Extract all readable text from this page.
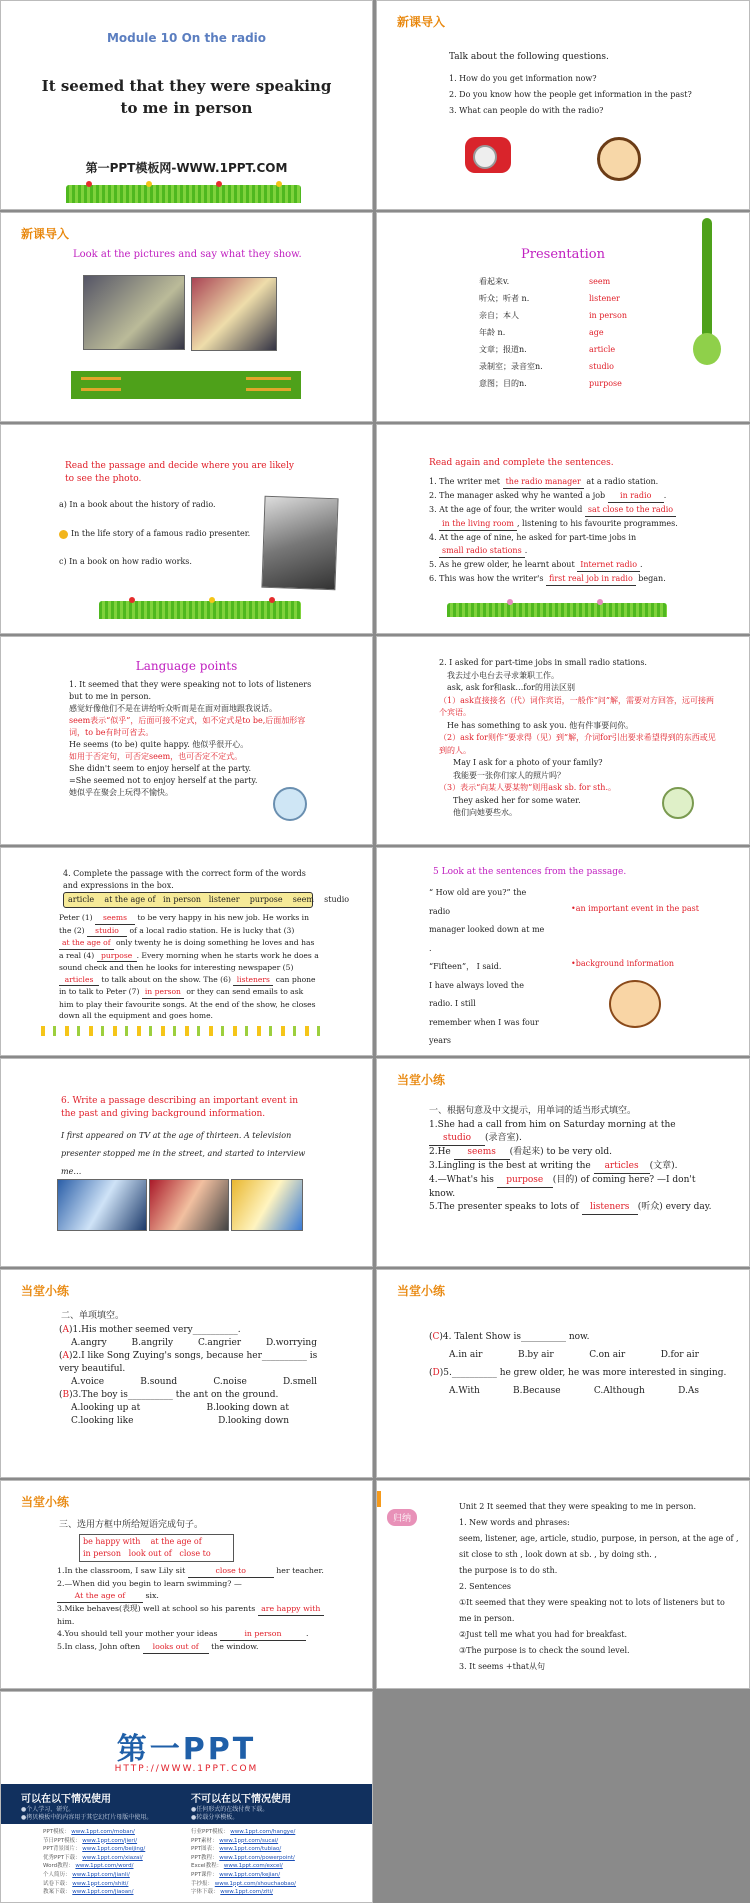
Module 10 On the radio
It seemed that they were speaking to me in person
第一PPT模板网-WWW.1PPT.COM
新课导入
Talk about the following questions.
1. How do you get information now?
2. Do you know how the people get information in the past?
3. What can people do with the radio?
新课导入
Look at the pictures and say what they show.	Presentation
看起来v.	seem
听众；听者 n.	listener
亲自；本人	in person
年龄 n.	age
文章；报道n.	article
录制室；录音室n.	studio
意图；目的n.	purpose
Read the passage and decide where you are likely to see the photo.
a) In a book about the history of radio.
In the life story of a famous radio presenter.
c) In a book on how radio works.
Read again and complete the sentences.
1. The writer met the radio manager at a radio station.
2. The manager asked why he wanted a job in radio .
3. At the age of four, the writer would sat close to the radio
in the living room , listening to his favourite programmes.
4. At the age of nine, he asked for part-time jobs in
small radio stations .
5. As he grew older, he learnt about Internet radio .
6. This was how the writer's first real job in radio began.
Language points
1. It seemed that they were speaking not to lots of listeners but to me in person.
感觉好像他们不是在讲给听众听而是在面对面地跟我说话。
seem表示“似乎”，后面可接不定式，如不定式是to be,后面加形容词，to be有时可省去。
He seems (to be) quite happy. 他似乎很开心。
如用于否定句，可否定seem，也可否定不定式。
She didn't seem to enjoy herself at the party.
=She seemed not to enjoy herself at the party.
她似乎在聚会上玩得不愉快。
2. I asked for part-time jobs in small radio stations.
我去过小电台去寻求兼职工作。
ask, ask for和ask…for的用法区别
（1）ask直接接名（代）词作宾语，一般作“问”解，需要对方回答，远可接两个宾语。
He has something to ask you. 他有件事要问你。
（2）ask for则作“要求得（见）到”解，介词for引出要求希望得到的东西或见到的人。
May I ask for a photo of your family?
我能要一张你们家人的照片吗？
（3）表示“向某人要某物”则用ask sb. for sth.。
They asked her for some water.
他们向她要些水。
4. Complete the passage with the correct form of the words and expressions in the box.
article    at the age of   in person   listener    purpose    seem    studio
Peter (1) seems to be very happy in his new job. He works in the (2) studio of a local radio station. He is lucky that (3) at the age of only twenty he is doing something he loves and has a real (4) purpose . Every morning when he starts work he does a sound check and then he looks for interesting newspaper (5) articles to talk about on the show. The (6) listeners can phone in to talk to Peter (7) in person or they can send emails to ask him to play their favourite songs. At the end of the show, he closes down all the equipment and goes home.
5 Look at the sentences from the passage.
“ How old are you?” the radio
manager looked down at me .
“Fifteen”， I said.
I have always loved the radio. I still
remember when I was four years
•an important event in the past
•background information
6. Write a passage describing an important event in the past and giving background information.
I first appeared on TV at the age of thirteen. A television presenter stopped me in the street, and started to interview me…
当堂小练
一、根据句意及中文提示，用单词的适当形式填空。
1.She had a call from him on Saturday morning at the studio (录音室).
2.He seems (看起来) to be very old.
3.Lingling is the best at writing the articles (文章).
4.—What's his purpose (目的) of coming here? —I don't know.
5.The presenter speaks to lots of listeners (听众) every day.
当堂小练
二、单项填空。
(A)1.His mother seemed very__________.
A.angry	B.angrily	C.angrier	D.worrying
(A)2.I like Song Zuying's songs, because her__________ is very beautiful.
A.voice	B.sound	C.noise	D.smell
(B)3.The boy is__________ the ant on the ground.
A.looking up at	B.looking down at
C.looking like	D.looking down
当堂小练
(C)4. Talent Show is__________ now.
A.in air	B.by air	C.on air	D.for air
(D)5.__________ he grew older, he was more interested in singing.
A.With	B.Because	C.Although	D.As
当堂小练
三、选用方框中所给短语完成句子。
be happy with at the age of
in person look out of close to
1.In the classroom, I saw Lily sit	close to	her teacher.
2.—When did you begin to learn swimming? — At the age of six.
3.Mike behaves(表现) well at school so his parents are happy with him.
4.You should tell your mother your ideas	in person	.
5.In class, John often looks out of the window.
归纳
Unit 2 It seemed that they were speaking to me in person.
1. New words and phrases:
seem, listener, age, article, studio, purpose, in person, at the age of , sit close to sth , look down at sb. , by doing sth. ,
the purpose is to do sth.
2. Sentences
①It seemed that they were speaking not to lots of listeners but to me in person.
②Just tell me what you had for breakfast.
③The purpose is to check the sound level.
3. It seems +that从句
第一PPT
HTTP://WWW.1PPT.COM
可以在以下情况使用
●个人学习、研究。
●拷贝模板中的内容用于其它幻灯片母版中使用。
不可以在以下情况使用
●任何形式的在线付费下载。
●转载分享模板。
PPT模板： www.1ppt.com/moban/
节日PPT模板： www.1ppt.com/jieri/
PPT背景图片： www.1ppt.com/beijing/
优秀PPT下载： www.1ppt.com/xiazai/
Word教程： www.1ppt.com/word/
个人简历： www.1ppt.com/jianli/
试卷下载： www.1ppt.com/shiti/
教案下载： www.1ppt.com/jiaoan/
行业PPT模板： www.1ppt.com/hangye/
PPT素材： www.1ppt.com/sucai/
PPT图表： www.1ppt.com/tubiao/
PPT教程： www.1ppt.com/powerpoint/
Excel教程： www.1ppt.com/excel/
PPT课件： www.1ppt.com/kejian/
手抄报： www.1ppt.com/shouchaobao/
字体下载： www.1ppt.com/ziti/
